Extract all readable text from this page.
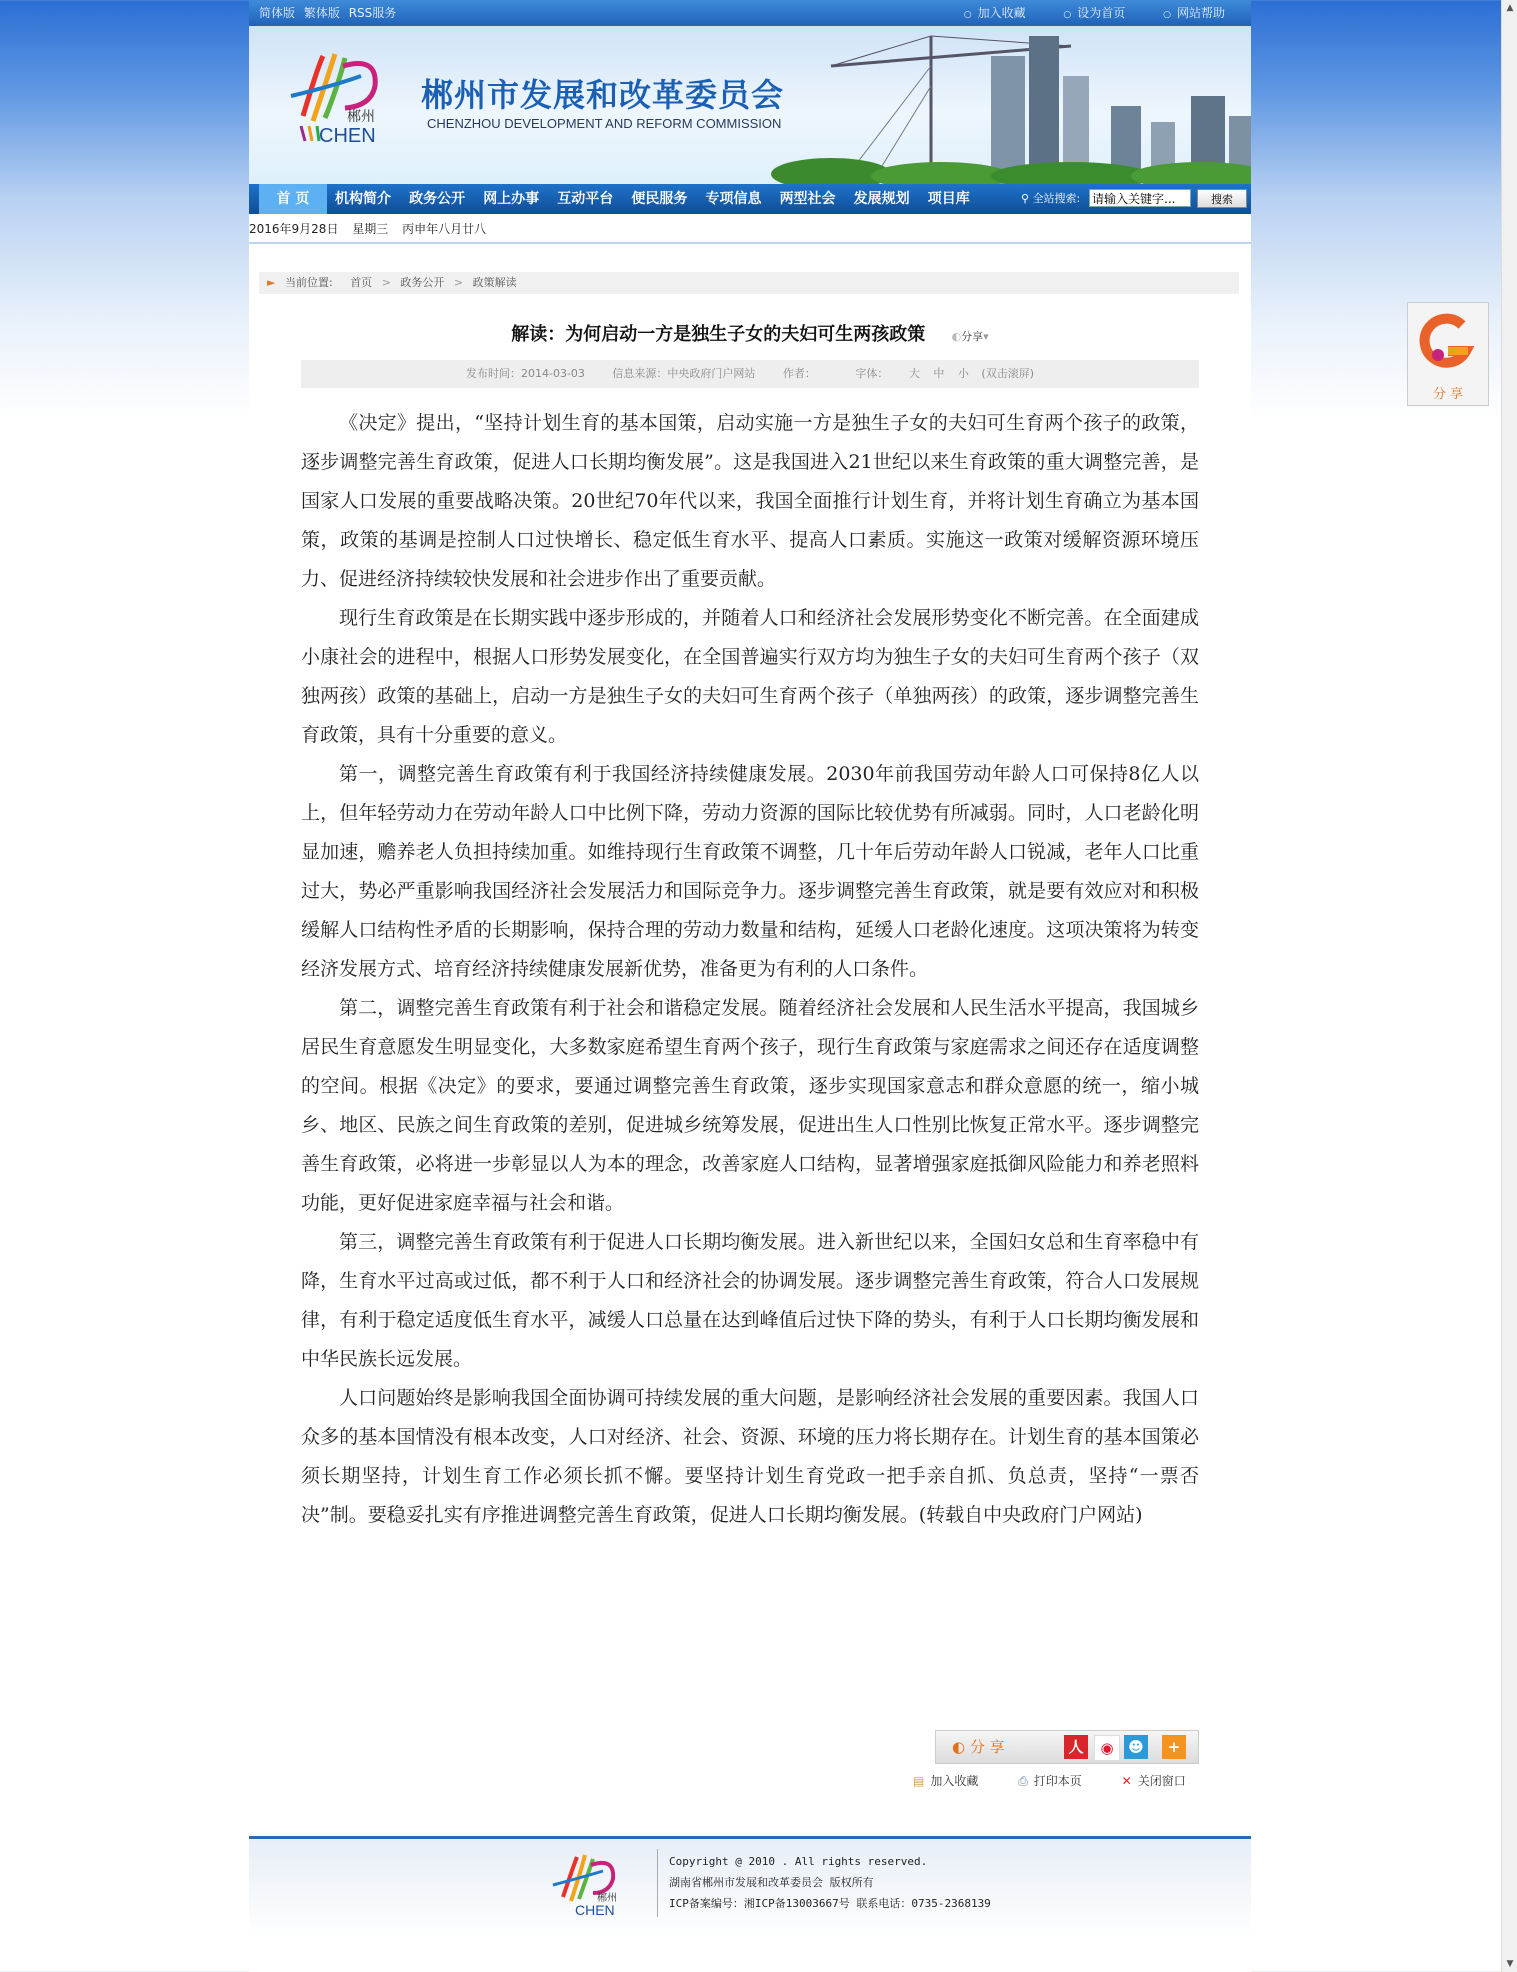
简体版 繁体版 RSS服务	○ 加入收藏	○ 设为首页	○ 网站帮助
郴州
CHEN
郴州市发展和改革委员会
CHENZHOU DEVELOPMENT AND REFORM COMMISSION
首 页	机构简介 政务公开 网上办事 互动平台 便民服务 专项信息 两型社会 发展规划 项目库	⚲ 全站搜索:
请输入关键字...	搜索
2016年9月28日 星期三 丙申年八月廿八
► 当前位置: 首页 > 政务公开 > 政策解读
解读：为何启动一方是独生子女的夫妇可生两孩政策 ◐分享▾
发布时间：2014-03-03	信息来源：中央政府门户网站	作者：	字体： 大 中 小 (双击滚屏)

《决定》提出，“坚持计划生育的基本国策，启动实施一方是独生子女的夫妇可生育两个孩子的政策，逐步调整完善生育政策，促进人口长期均衡发展”。这是我国进入21世纪以来生育政策的重大调整完善，是国家人口发展的重要战略决策。20世纪70年代以来，我国全面推行计划生育，并将计划生育确立为基本国策，政策的基调是控制人口过快增长、稳定低生育水平、提高人口素质。实施这一政策对缓解资源环境压力、促进经济持续较快发展和社会进步作出了重要贡献。

现行生育政策是在长期实践中逐步形成的，并随着人口和经济社会发展形势变化不断完善。在全面建成小康社会的进程中，根据人口形势发展变化，在全国普遍实行双方均为独生子女的夫妇可生育两个孩子（双独两孩）政策的基础上，启动一方是独生子女的夫妇可生育两个孩子（单独两孩）的政策，逐步调整完善生育政策，具有十分重要的意义。

第一，调整完善生育政策有利于我国经济持续健康发展。2030年前我国劳动年龄人口可保持8亿人以上，但年轻劳动力在劳动年龄人口中比例下降，劳动力资源的国际比较优势有所减弱。同时，人口老龄化明显加速，赡养老人负担持续加重。如维持现行生育政策不调整，几十年后劳动年龄人口锐减，老年人口比重过大，势必严重影响我国经济社会发展活力和国际竞争力。逐步调整完善生育政策，就是要有效应对和积极缓解人口结构性矛盾的长期影响，保持合理的劳动力数量和结构，延缓人口老龄化速度。这项决策将为转变经济发展方式、培育经济持续健康发展新优势，准备更为有利的人口条件。

第二，调整完善生育政策有利于社会和谐稳定发展。随着经济社会发展和人民生活水平提高，我国城乡居民生育意愿发生明显变化，大多数家庭希望生育两个孩子，现行生育政策与家庭需求之间还存在适度调整的空间。根据《决定》的要求，要通过调整完善生育政策，逐步实现国家意志和群众意愿的统一，缩小城乡、地区、民族之间生育政策的差别，促进城乡统筹发展，促进出生人口性别比恢复正常水平。逐步调整完善生育政策，必将进一步彰显以人为本的理念，改善家庭人口结构，显著增强家庭抵御风险能力和养老照料功能，更好促进家庭幸福与社会和谐。

第三，调整完善生育政策有利于促进人口长期均衡发展。进入新世纪以来，全国妇女总和生育率稳中有降，生育水平过高或过低，都不利于人口和经济社会的协调发展。逐步调整完善生育政策，符合人口发展规律，有利于稳定适度低生育水平，减缓人口总量在达到峰值后过快下降的势头，有利于人口长期均衡发展和中华民族长远发展。

人口问题始终是影响我国全面协调可持续发展的重大问题，是影响经济社会发展的重要因素。我国人口众多的基本国情没有根本改变，人口对经济、社会、资源、环境的压力将长期存在。计划生育的基本国策必须长期坚持，计划生育工作必须长抓不懈。要坚持计划生育党政一把手亲自抓、负总责，坚持“一票否决”制。要稳妥扎实有序推进调整完善生育政策，促进人口长期均衡发展。(转载自中央政府门户网站)

◐ 分 享	人	◉ ☻	+
▤ 加入收藏	⎙ 打印本页	✕ 关闭窗口
郴州
CHEN
Copyright @ 2010 . All rights reserved.
湖南省郴州市发展和改革委员会 版权所有
ICP备案编号：湘ICP备13003667号 联系电话：0735-2368139
分 享
▲
▼
